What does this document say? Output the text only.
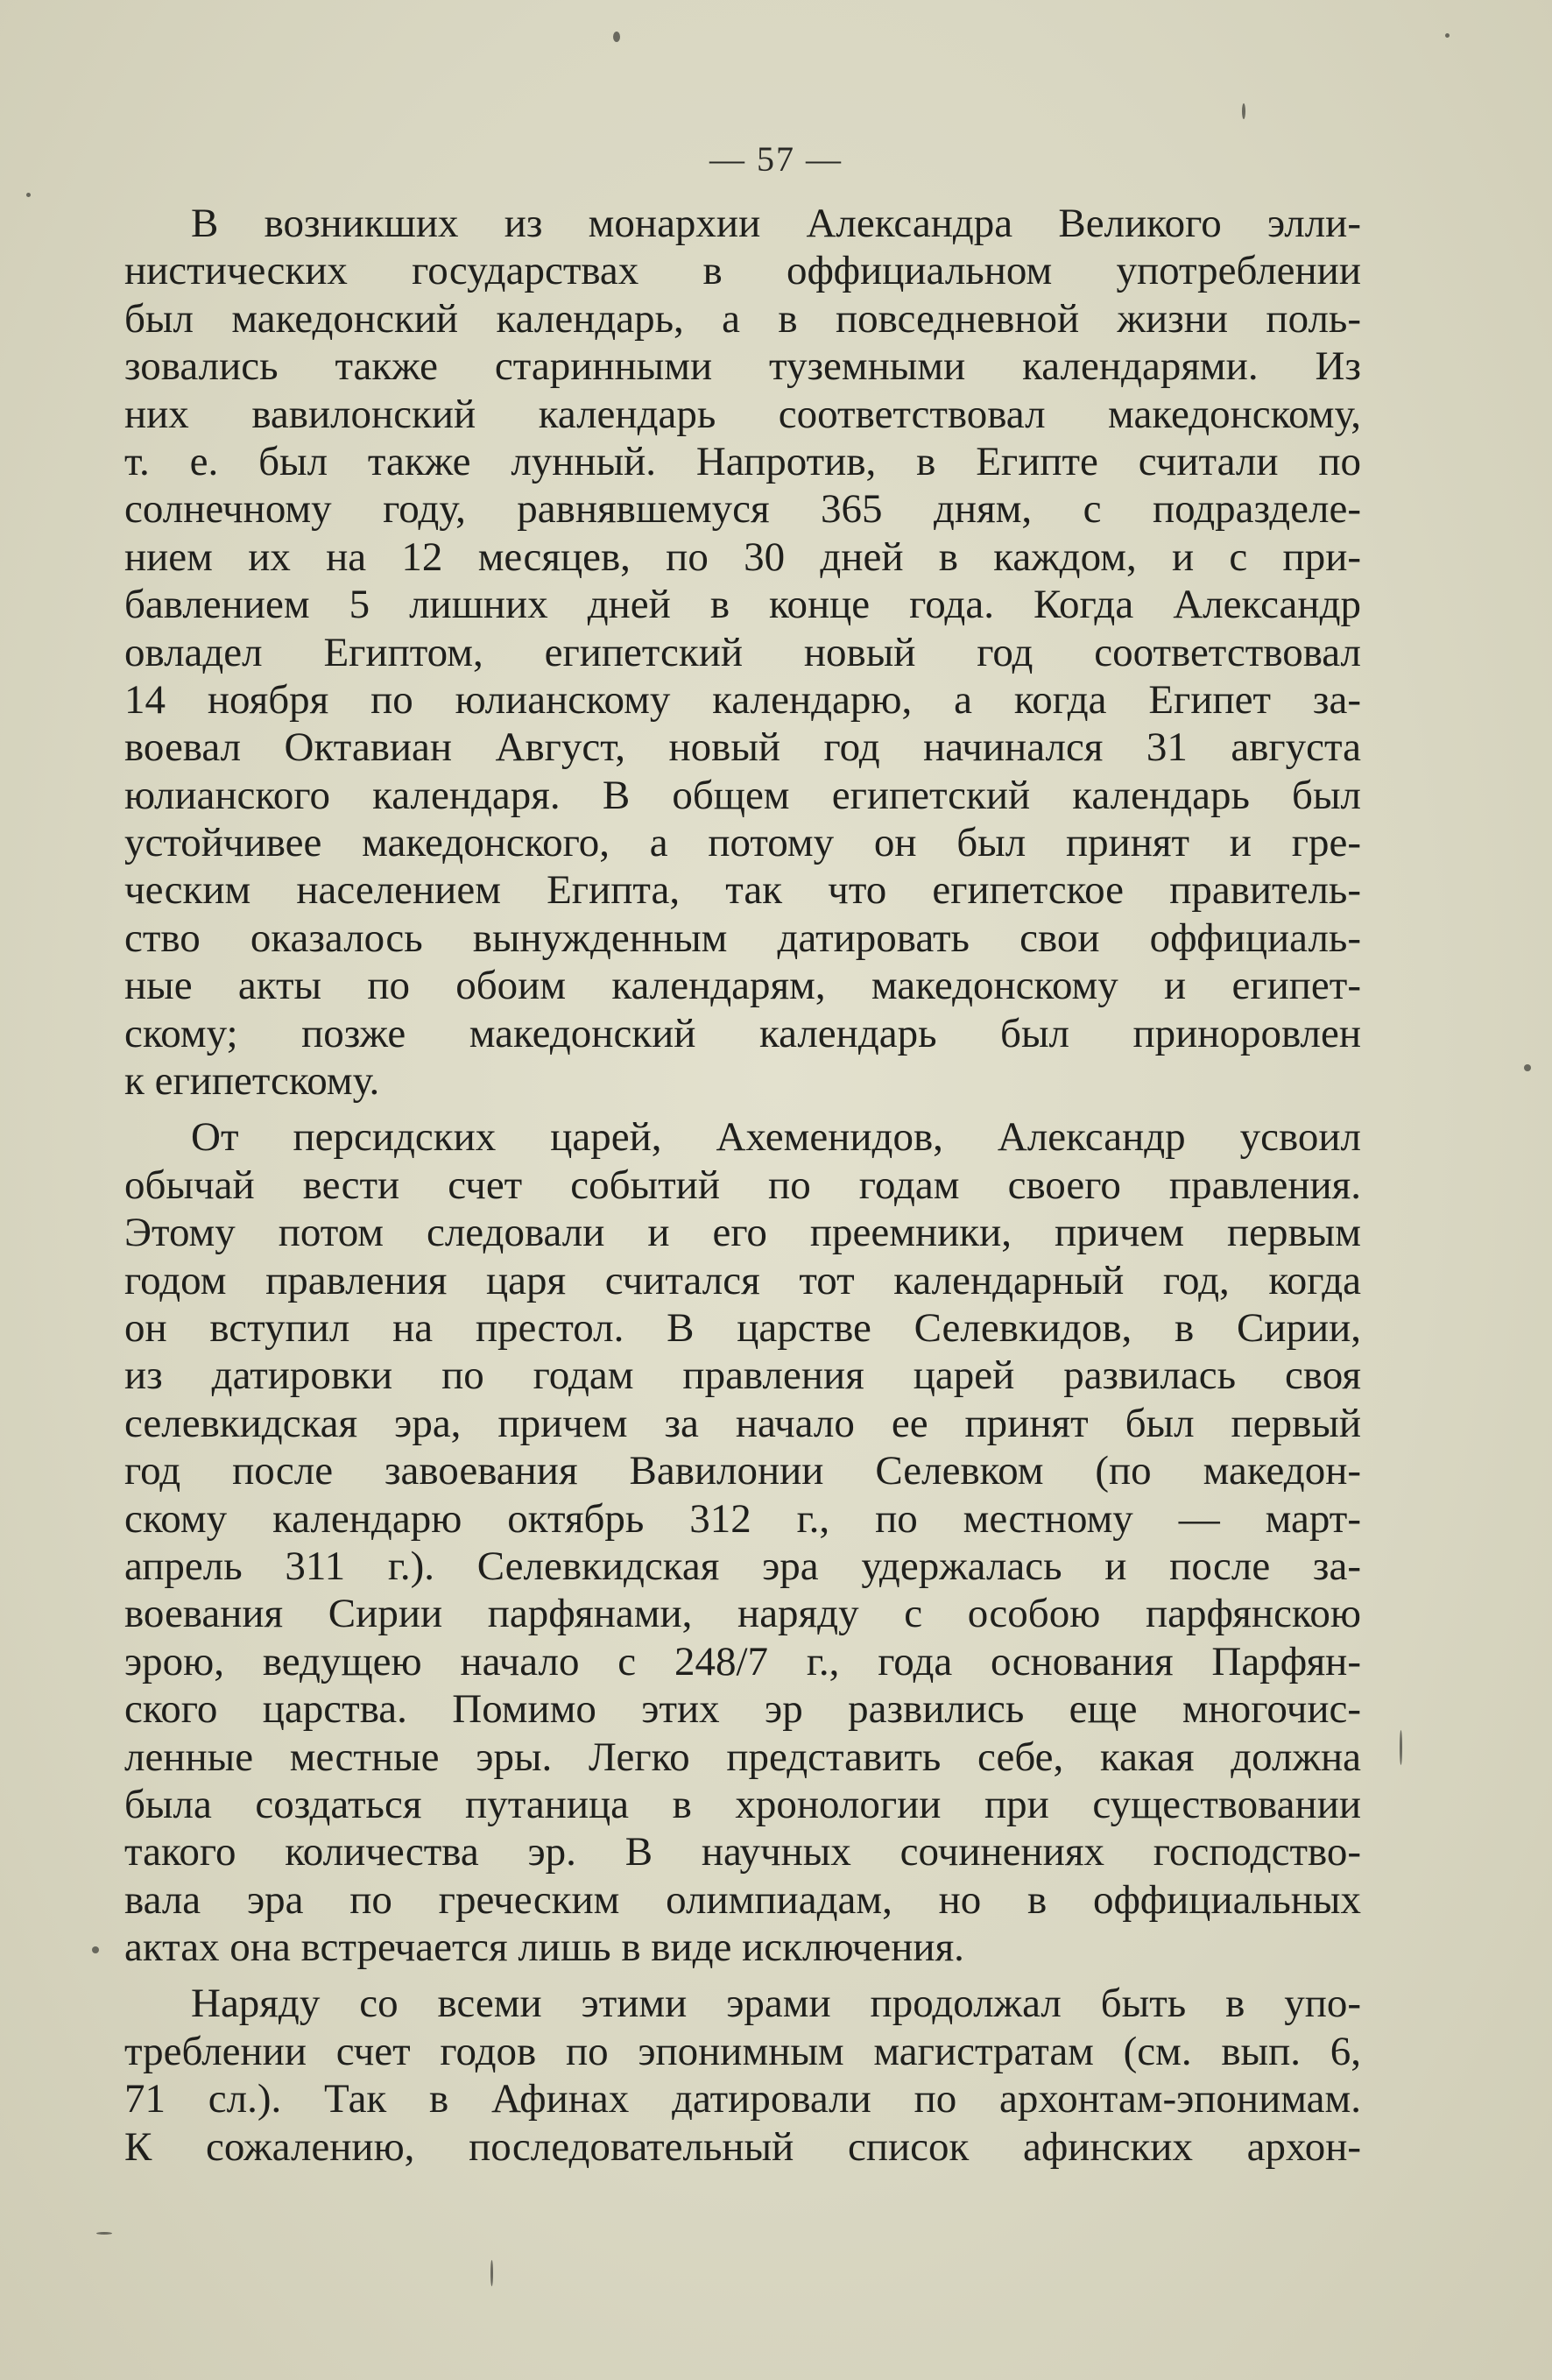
— 57 —
В возникших из монархии Александра Великого элли-
нистических государствах в оффициальном употреблении
был македонский календарь, а в повседневной жизни поль-
зовались также старинными туземными календарями. Из
них вавилонский календарь соответствовал македонскому,
т. е. был также лунный. Напротив, в Египте считали по
солнечному году, равнявшемуся 365 дням, с подразделе-
нием их на 12 месяцев, по 30 дней в каждом, и с при-
бавлением 5 лишних дней в конце года. Когда Александр
овладел Египтом, египетский новый год соответствовал
14 ноября по юлианскому календарю, а когда Египет за-
воевал Октавиан Август, новый год начинался 31 августа
юлианского календаря. В общем египетский календарь был
устойчивее македонского, а потому он был принят и гре-
ческим населением Египта, так что египетское правитель-
ство оказалось вынужденным датировать свои оффициаль-
ные акты по обоим календарям, македонскому и египет-
скому; позже македонский календарь был приноровлен
к египетскому.
От персидских царей, Ахеменидов, Александр усвоил
обычай вести счет событий по годам своего правления.
Этому потом следовали и его преемники, причем первым
годом правления царя считался тот календарный год, когда
он вступил на престол. В царстве Селевкидов, в Сирии,
из датировки по годам правления царей развилась своя
селевкидская эра, причем за начало ее принят был первый
год после завоевания Вавилонии Селевком (по македон-
скому календарю октябрь 312 г., по местному — март-
апрель 311 г.). Селевкидская эра удержалась и после за-
воевания Сирии парфянами, наряду с особою парфянскою
эрою, ведущею начало с 248/7 г., года основания Парфян-
ского царства. Помимо этих эр развились еще многочис-
ленные местные эры. Легко представить себе, какая должна
была создаться путаница в хронологии при существовании
такого количества эр. В научных сочинениях господство-
вала эра по греческим олимпиадам, но в оффициальных
актах она встречается лишь в виде исключения.
Наряду со всеми этими эрами продолжал быть в упо-
треблении счет годов по эпонимным магистратам (см. вып. 6,
71 сл.). Так в Афинах датировали по архонтам-эпонимам.
К сожалению, последовательный список афинских архон-
